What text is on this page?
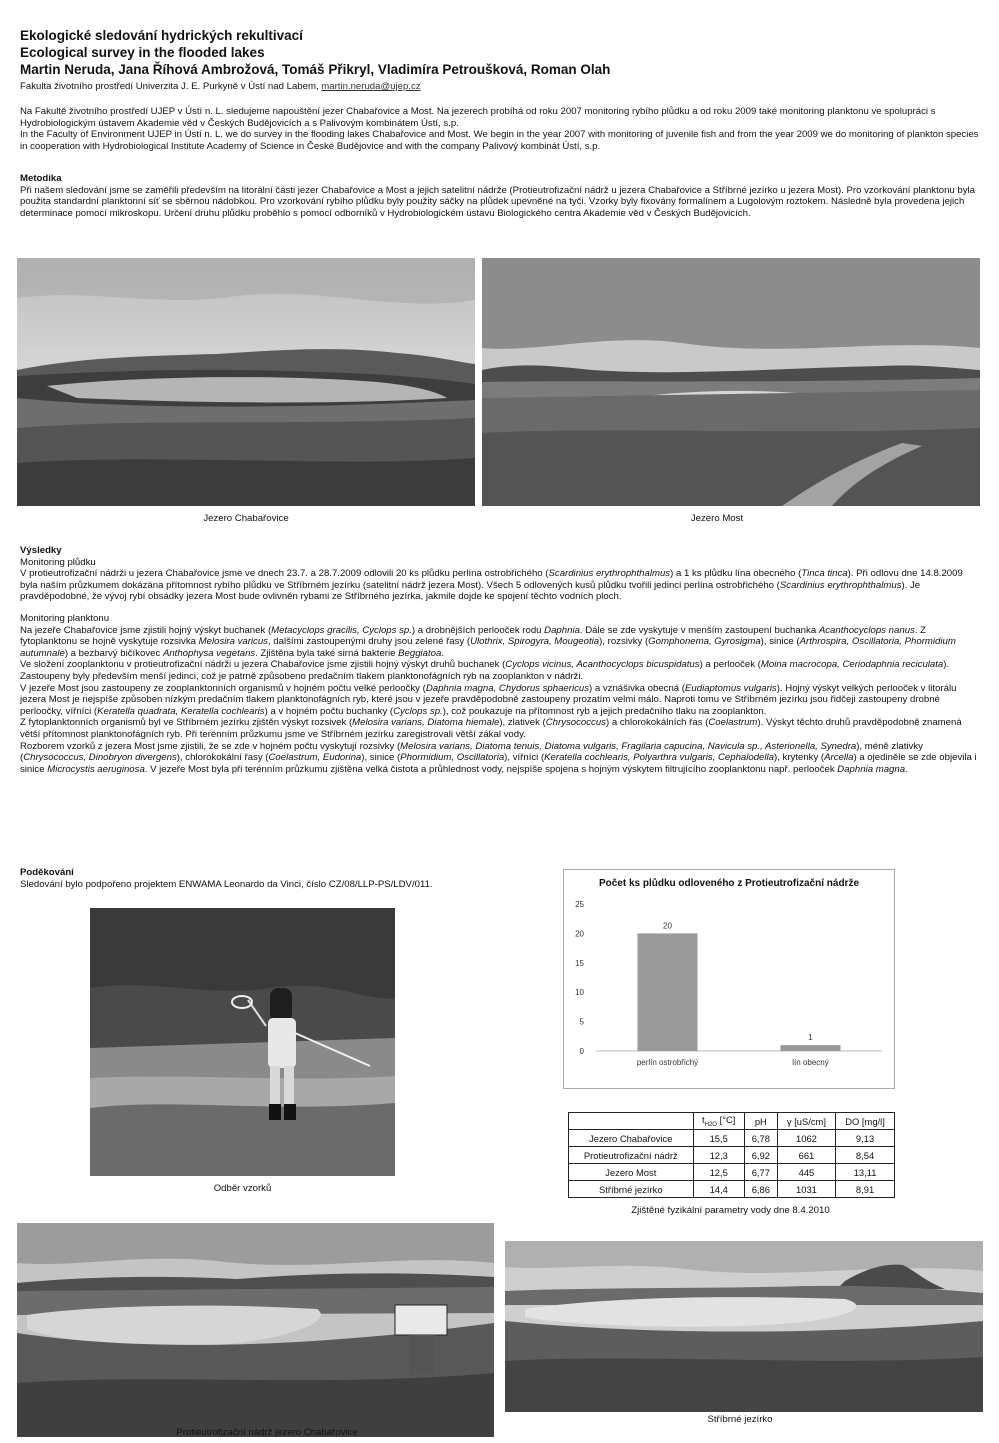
Ekologické sledování hydrických rekultivací
Ecological survey in the flooded lakes
Martin Neruda, Jana Říhová Ambrožová, Tomáš Přikryl, Vladimíra Petroušková, Roman Olah
Fakulta životního prostředí Univerzita J. E. Purkyně v Ústí nad Labem, martin.neruda@ujep.cz

Na Fakultě životního prostředí UJEP v Ústí n. L. sledujeme napouštění jezer Chabařovice a Most. Na jezerech probíhá od roku 2007 monitoring rybího plůdku a od roku 2009 také monitoring planktonu ve spolupráci s Hydrobiologickým ústavem Akademie věd v Českých Budějovicích a s Palivovým kombinátem Ústí, s.p.

In the Faculty of Environment UJEP in Ústí n. L. we do survey in the flooding lakes Chabařovice and Most. We begin in the year 2007 with monitoring of juvenile fish and from the year 2009 we do monitoring of plankton species in cooperation with Hydrobiological Institute Academy of Science in České Budějovice and with the company Palivový kombinát Ústí, s.p.

Metodika

Při našem sledování jsme se zaměřili především na litorální části jezer Chabařovice a Most a jejich satelitní nádrže (Protieutrofizační nádrž u jezera Chabařovice a Stříbrné jezírko u jezera Most). Pro vzorkování planktonu byla použita standardní planktonní síť se sběrnou nádobkou. Pro vzorkování rybího plůdku byly použity sáčky na plůdek upevněné na tyči. Vzorky byly fixovány formalínem a Lugolovým roztokem. Následně byla provedena jejich determinace pomocí mikroskopu. Určení druhu plůdku proběhlo s pomocí odborníků v Hydrobiologickém ústavu Biologického centra Akademie věd v Českých Budějovicích.

Jezero Chabařovice	Jezero Most
Výsledky
Monitoring plůdku

V protieutrofizační nádrži u jezera Chabařovice jsme ve dnech 23.7. a 28.7.2009 odlovili 20 ks plůdku perlína ostrobřichého (Scardinius erythrophthalmus) a 1 ks plůdku lína obecného (Tinca tinca). Při odlovu dne 14.8.2009 byla naším průzkumem dokázána přítomnost rybího plůdku ve Stříbrném jezírku (satelitní nádrž jezera Most). Všech 5 odlovených kusů plůdku tvořili jedinci perlína ostrobřichého (Scardinius erythrophthalmus). Je pravděpodobné, že vývoj rybí obsádky jezera Most bude ovlivněn rybami ze Stříbrného jezírka, jakmile dojde ke spojení těchto vodních ploch.

Monitoring planktonu

Na jezeře Chabařovice jsme zjistili hojný výskyt buchanek (Metacyclops gracilis, Cyclops sp.) a drobnějších perlooček rodu Daphnia. Dále se zde vyskytuje v menším zastoupení buchanka Acanthocyclops nanus. Z fytoplanktonu se hojně vyskytuje rozsivka Melosira varicus, dalšími zastoupenými druhy jsou zelené řasy (Ulothrix, Spirogyra, Mougeotia), rozsivky (Gomphonema, Gyrosigma), sinice (Arthrospira, Oscillatoria, Phormidium autumnale) a bezbarvý bičíkovec Anthophysa vegetans. Zjištěna byla také sirná bakterie Beggiatoa.
Ve složení zooplanktonu v protieutrofizační nádrži u jezera Chabařovice jsme zjistili hojný výskyt druhů buchanek (Cyclops vicinus, Acanthocyclops bicuspidatus) a perlooček (Moina macrocopa, Ceriodaphnia reciculata). Zastoupeny byly především menší jedinci, což je patrně způsobeno predačním tlakem planktonofágních ryb na zooplankton v nádrži.
V jezeře Most jsou zastoupeny ze zooplanktonních organismů v hojném počtu velké perloočky (Daphnia magna, Chydorus sphaericus) a vznášivka obecná (Eudiaptomus vulgaris). Hojný výskyt velkých perlooček v litorálu jezera Most je nejspíše způsoben nízkým predačním tlakem planktonofágních ryb, které jsou v jezeře pravděpodobně zastoupeny prozatím velmi málo. Naproti tomu ve Stříbrném jezírku jsou řidčeji zastoupeny drobné perloočky, vířníci (Keratella quadrata, Keratella cochlearis) a v hojném počtu buchanky (Cyclops sp.), což poukazuje na přítomnost ryb a jejich predačního tlaku na zooplankton.
Z fytoplanktonních organismů byl ve Stříbrném jezírku zjištěn výskyt rozsivek (Melosira varians, Diatoma hiemale), zlativek (Chrysococcus) a chlorokokálních řas (Coelastrum). Výskyt těchto druhů pravděpodobně znamená větší přítomnost planktonofágních ryb. Při terénním průzkumu jsme ve Stříbrném jezírku zaregistrovali větší zákal vody.
Rozborem vzorků z jezera Most jsme zjistili, že se zde v hojném počtu vyskytují rozsivky (Melosira varians, Diatoma tenuis, Diatoma vulgaris, Fragilaria capucina, Navicula sp., Asterionella, Synedra), méně zlativky (Chrysococcus, Dinobryon divergens), chlorokokální řasy (Coelastrum, Eudorina), sinice (Phormidium, Oscillatoria), vířníci (Keratella cochlearis, Polyarthra vulgaris, Cephalodella), krytenky (Arcella) a ojediněle se zde objevila i sinice Microcystis aeruginosa. V jezeře Most byla při terénním průzkumu zjištěna velká čistota a průhlednost vody, nejspíše spojena s hojným výskytem filtrujícího zooplanktonu např. perlooček Daphnia magna.

Poděkování
Sledování bylo podpořeno projektem ENWAMA Leonardo da Vinci, číslo CZ/08/LLP-PS/LDV/011.
Odběr vzorků
Počet ks plůdku odloveného z Protieutrofizační nádrže
0
5
10
15
20
25
20
perlín ostrobřichý
1
lín obecný
	$t_{H2O}$ [°C]	pH	γ [uS/cm]	DO [mg/l]
Jezero Chabařovice	15,5	6,78	1062	9,13
Protieutrofizační nádrž	12,3	6,92	661	8,54
Jezero Most	12,5	6,77	445	13,11
Stříbrné jezírko	14,4	6,86	1031	8,91
Zjištěné fyzikální parametry vody dne 8.4.2010
Protieutrofizační nádrž jezero Chabařovice
Stříbrné jezírko
